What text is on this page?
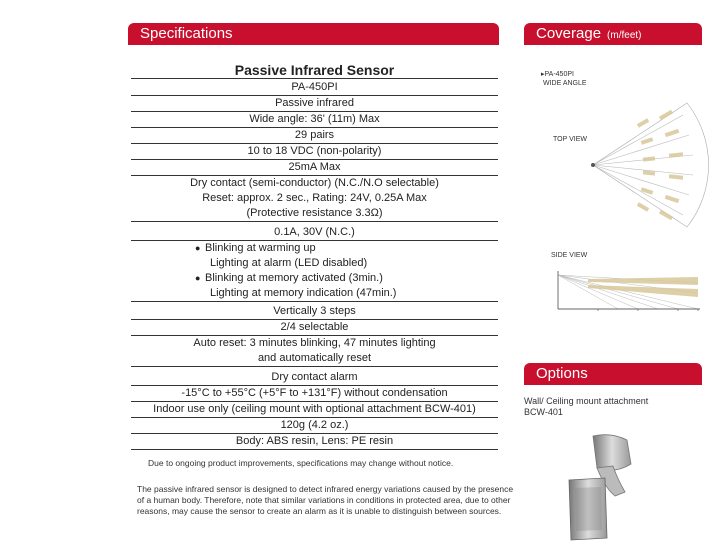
Specifications	Coverage (m/feet)
Options
Passive Infrared Sensor
PA-450PI
Passive infrared
Wide angle: 36' (11m) Max
29 pairs
10 to 18 VDC (non-polarity)
25mA Max
Dry contact (semi-conductor) (N.C./N.O selectable)
Reset: approx. 2 sec., Rating: 24V, 0.25A Max
(Protective resistance 3.3Ω)
0.1A, 30V (N.C.)
● Blinking at warming up
Lighting at alarm (LED disabled)
● Blinking at memory activated (3min.)
Lighting at memory indication (47min.)
Vertically 3 steps
2/4 selectable
Auto reset: 3 minutes blinking, 47 minutes lighting
and automatically reset
Dry contact alarm
-15°C to +55°C (+5°F to +131°F) without condensation
Indoor use only (ceiling mount with optional attachment BCW-401)
120g (4.2 oz.)
Body: ABS resin, Lens: PE resin
Due to ongoing product improvements, specifications may change without notice.
The passive infrared sensor is designed to detect infrared energy variations caused by the presence of a human body. Therefore, note that similar variations in conditions in protected area, due to other reasons, may cause the sensor to create an alarm as it is unable to distinguish between sources.
▸PA-450PI
WIDE ANGLE
TOP VIEW
SIDE VIEW
Wall/ Ceiling mount attachment
BCW-401
